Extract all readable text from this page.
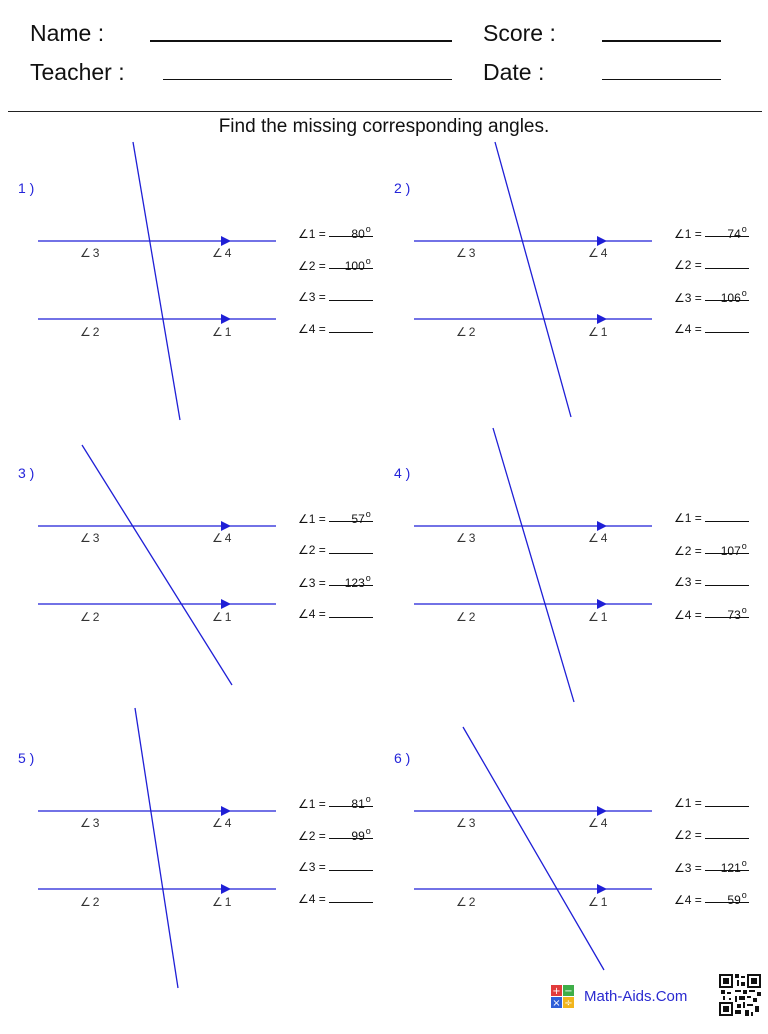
Name :
Teacher :
Score :
Date :
Find the missing corresponding angles.
1 )
∠ 3	∠ 4
∠ 2	∠ 1
∠1 = $80^o$
∠2 = $100^o$
∠3 =
∠4 =
2 )
∠ 3	∠ 4
∠ 2	∠ 1
∠1 = $74^o$
∠2 =
∠3 = $106^o$
∠4 =
3 )
∠ 3	∠ 4
∠ 2	∠ 1
∠1 = $57^o$
∠2 =
∠3 = $123^o$
∠4 =
4 )
∠ 3	∠ 4
∠ 2	∠ 1
∠1 =
∠2 = $107^o$
∠3 =
∠4 = $73^o$
5 )
∠ 3	∠ 4
∠ 2	∠ 1
∠1 = $81^o$
∠2 = $99^o$
∠3 =
∠4 =
6 )
∠ 3	∠ 4
∠ 2	∠ 1
∠1 =
∠2 =
∠3 = $121^o$
∠4 = $59^o$
+ −
× ÷ Math-Aids.Com
